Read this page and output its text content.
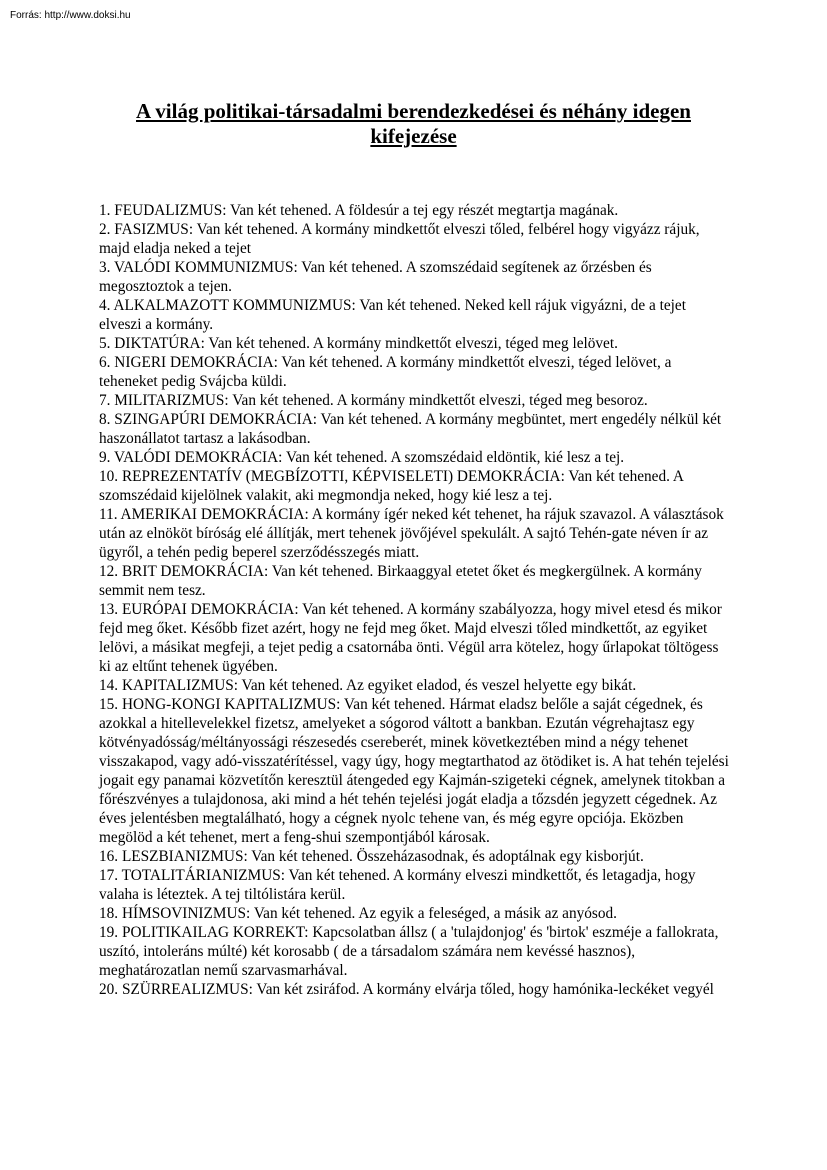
Forrás: http://www.doksi.hu
A világ politikai-társadalmi berendezkedései és néhány idegen kifejezése
1. FEUDALIZMUS: Van két tehened. A földesúr a tej egy részét megtartja magának.
2. FASIZMUS: Van két tehened. A kormány mindkettőt elveszi tőled, felbérel hogy vigyázz rájuk, majd eladja neked a tejet
3. VALÓDI KOMMUNIZMUS: Van két tehened. A szomszédaid segítenek az őrzésben és megosztoztok a tejen.
4. ALKALMAZOTT KOMMUNIZMUS: Van két tehened. Neked kell rájuk vigyázni, de a tejet elveszi a kormány.
5. DIKTATÚRA: Van két tehened. A kormány mindkettőt elveszi, téged meg lelövet.
6. NIGERI DEMOKRÁCIA: Van két tehened. A kormány mindkettőt elveszi, téged lelövet, a teheneket pedig Svájcba küldi.
7. MILITARIZMUS: Van két tehened. A kormány mindkettőt elveszi, téged meg besoroz.
8. SZINGAPÚRI DEMOKRÁCIA: Van két tehened. A kormány megbüntet, mert engedély nélkül két haszonállatot tartasz a lakásodban.
9. VALÓDI DEMOKRÁCIA: Van két tehened. A szomszédaid eldöntik, kié lesz a tej.
10. REPREZENTATÍV (MEGBÍZOTTI, KÉPVISELETI) DEMOKRÁCIA: Van két tehened. A szomszédaid kijelölnek valakit, aki megmondja neked, hogy kié lesz a tej.
11. AMERIKAI DEMOKRÁCIA: A kormány ígér neked két tehenet, ha rájuk szavazol. A választások után az elnököt bíróság elé állítják, mert tehenek jövőjével spekulált. A sajtó Tehén-gate néven ír az ügyről, a tehén pedig beperel szerződésszegés miatt.
12. BRIT DEMOKRÁCIA: Van két tehened. Birkaaggyal etetet őket és megkergülnek. A kormány semmit nem tesz.
13. EURÓPAI DEMOKRÁCIA: Van két tehened. A kormány szabályozza, hogy mivel etesd és mikor fejd meg őket. Később fizet azért, hogy ne fejd meg őket. Majd elveszi tőled mindkettőt, az egyiket lelövi, a másikat megfeji, a tejet pedig a csatornába önti. Végül arra kötelez, hogy űrlapokat töltögess ki az eltűnt tehenek ügyében.
14. KAPITALIZMUS: Van két tehened. Az egyiket eladod, és veszel helyette egy bikát.
15. HONG-KONGI KAPITALIZMUS: Van két tehened. Hármat eladsz belőle a saját cégednek, és azokkal a hitellevelekkel fizetsz, amelyeket a sógorod váltott a bankban. Ezután végrehajtasz egy kötvényadósság/méltányossági részesedés csereberét, minek következtében mind a négy tehenet visszakapod, vagy adó-visszatérítéssel, vagy úgy, hogy megtarthatod az ötödiket is. A hat tehén tejelési jogait egy panamai közvetítőn keresztül átengeded egy Kajmán-szigeteki cégnek, amelynek titokban a főrészvényes a tulajdonosa, aki mind a hét tehén tejelési jogát eladja a tőzsdén jegyzett cégednek. Az éves jelentésben megtalálható, hogy a cégnek nyolc tehene van, és még egyre opciója. Eközben megölöd a két tehenet, mert a feng-shui szempontjából károsak.
16. LESZBIANIZMUS: Van két tehened. Összeházasodnak, és adoptálnak egy kisborjút.
17. TOTALITÁRIANIZMUS: Van két tehened. A kormány elveszi mindkettőt, és letagadja, hogy valaha is léteztek. A tej tiltólistára kerül.
18. HÍMSOVINIZMUS: Van két tehened. Az egyik a feleséged, a másik az anyósod.
19. POLITIKAILAG KORREKT: Kapcsolatban állsz ( a 'tulajdonjog' és 'birtok' eszméje a fallokrata, uszító, intoleráns múlté) két korosabb ( de a társadalom számára nem kevéssé hasznos), meghatározatlan nemű szarvasmarhával.
20. SZÜRREALIZMUS: Van két zsiráfod. A kormány elvárja tőled, hogy hamónika-leckéket vegyél
